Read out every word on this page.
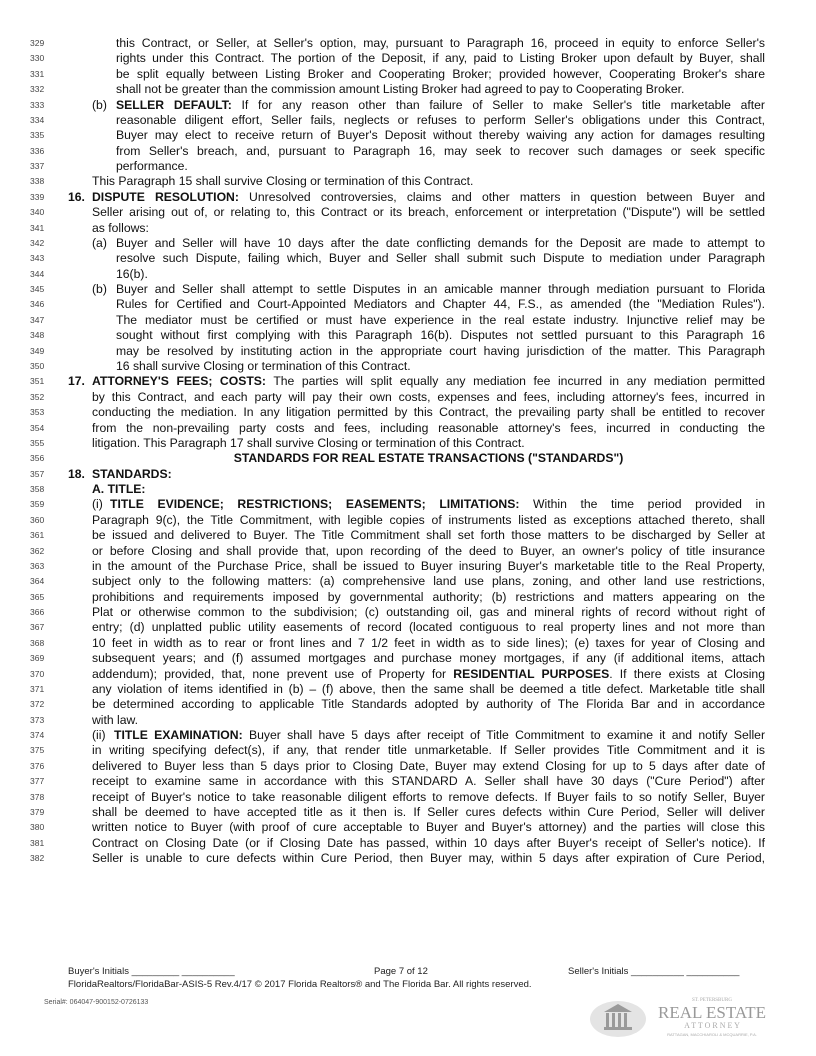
329	this Contract, or Seller, at Seller's option, may, pursuant to Paragraph 16, proceed in equity to enforce Seller's
330	rights under this Contract. The portion of the Deposit, if any, paid to Listing Broker upon default by Buyer, shall
331	be split equally between Listing Broker and Cooperating Broker; provided however, Cooperating Broker's share
332	shall not be greater than the commission amount Listing Broker had agreed to pay to Cooperating Broker.
333	(b) SELLER DEFAULT: If for any reason other than failure of Seller to make Seller's title marketable after
334	reasonable diligent effort, Seller fails, neglects or refuses to perform Seller's obligations under this Contract,
335	Buyer may elect to receive return of Buyer's Deposit without thereby waiving any action for damages resulting
336	from Seller's breach, and, pursuant to Paragraph 16, may seek to recover such damages or seek specific
337	performance.
338	This Paragraph 15 shall survive Closing or termination of this Contract.
339	16. DISPUTE RESOLUTION: Unresolved controversies, claims and other matters in question between Buyer and
340	Seller arising out of, or relating to, this Contract or its breach, enforcement or interpretation ("Dispute") will be settled
341	as follows:
342	(a) Buyer and Seller will have 10 days after the date conflicting demands for the Deposit are made to attempt to
343	resolve such Dispute, failing which, Buyer and Seller shall submit such Dispute to mediation under Paragraph
344	16(b).
345	(b) Buyer and Seller shall attempt to settle Disputes in an amicable manner through mediation pursuant to Florida
346	Rules for Certified and Court-Appointed Mediators and Chapter 44, F.S., as amended (the "Mediation Rules").
347	The mediator must be certified or must have experience in the real estate industry. Injunctive relief may be
348	sought without first complying with this Paragraph 16(b). Disputes not settled pursuant to this Paragraph 16
349	may be resolved by instituting action in the appropriate court having jurisdiction of the matter. This Paragraph
350	16 shall survive Closing or termination of this Contract.
351	17. ATTORNEY'S FEES; COSTS: The parties will split equally any mediation fee incurred in any mediation permitted
352	by this Contract, and each party will pay their own costs, expenses and fees, including attorney's fees, incurred in
353	conducting the mediation. In any litigation permitted by this Contract, the prevailing party shall be entitled to recover
354	from the non-prevailing party costs and fees, including reasonable attorney's fees, incurred in conducting the
355	litigation. This Paragraph 17 shall survive Closing or termination of this Contract.
356	STANDARDS FOR REAL ESTATE TRANSACTIONS ("STANDARDS")
357	18. STANDARDS:
358	A. TITLE:
359	(i) TITLE EVIDENCE; RESTRICTIONS; EASEMENTS; LIMITATIONS: Within the time period provided in
360	Paragraph 9(c), the Title Commitment, with legible copies of instruments listed as exceptions attached thereto, shall
361	be issued and delivered to Buyer. The Title Commitment shall set forth those matters to be discharged by Seller at
362	or before Closing and shall provide that, upon recording of the deed to Buyer, an owner's policy of title insurance
363	in the amount of the Purchase Price, shall be issued to Buyer insuring Buyer's marketable title to the Real Property,
364	subject only to the following matters: (a) comprehensive land use plans, zoning, and other land use restrictions,
365	prohibitions and requirements imposed by governmental authority; (b) restrictions and matters appearing on the
366	Plat or otherwise common to the subdivision; (c) outstanding oil, gas and mineral rights of record without right of
367	entry; (d) unplatted public utility easements of record (located contiguous to real property lines and not more than
368	10 feet in width as to rear or front lines and 7 1/2 feet in width as to side lines); (e) taxes for year of Closing and
369	subsequent years; and (f) assumed mortgages and purchase money mortgages, if any (if additional items, attach
370	addendum); provided, that, none prevent use of Property for RESIDENTIAL PURPOSES. If there exists at Closing
371	any violation of items identified in (b) – (f) above, then the same shall be deemed a title defect. Marketable title shall
372	be determined according to applicable Title Standards adopted by authority of The Florida Bar and in accordance
373	with law.
374	(ii) TITLE EXAMINATION: Buyer shall have 5 days after receipt of Title Commitment to examine it and notify Seller
375	in writing specifying defect(s), if any, that render title unmarketable. If Seller provides Title Commitment and it is
376	delivered to Buyer less than 5 days prior to Closing Date, Buyer may extend Closing for up to 5 days after date of
377	receipt to examine same in accordance with this STANDARD A. Seller shall have 30 days ("Cure Period") after
378	receipt of Buyer's notice to take reasonable diligent efforts to remove defects. If Buyer fails to so notify Seller, Buyer
379	shall be deemed to have accepted title as it then is. If Seller cures defects within Cure Period, Seller will deliver
380	written notice to Buyer (with proof of cure acceptable to Buyer and Buyer's attorney) and the parties will close this
381	Contract on Closing Date (or if Closing Date has passed, within 10 days after Buyer's receipt of Seller's notice). If
382	Seller is unable to cure defects within Cure Period, then Buyer may, within 5 days after expiration of Cure Period,
Buyer's Initials _________ __________	Page 7 of 12	Seller's Initials __________ __________
FloridaRealtors/FloridaBar-ASIS-5 Rev.4/17 © 2017 Florida Realtors® and The Florida Bar. All rights reserved.
Serial#: 064047-900152-0726133	ST. PETERSBURG
REAL ESTATE
A T T O R N E Y
RATTAGAN, MACCHIAROLI & MCQUARRIE, P.A.
